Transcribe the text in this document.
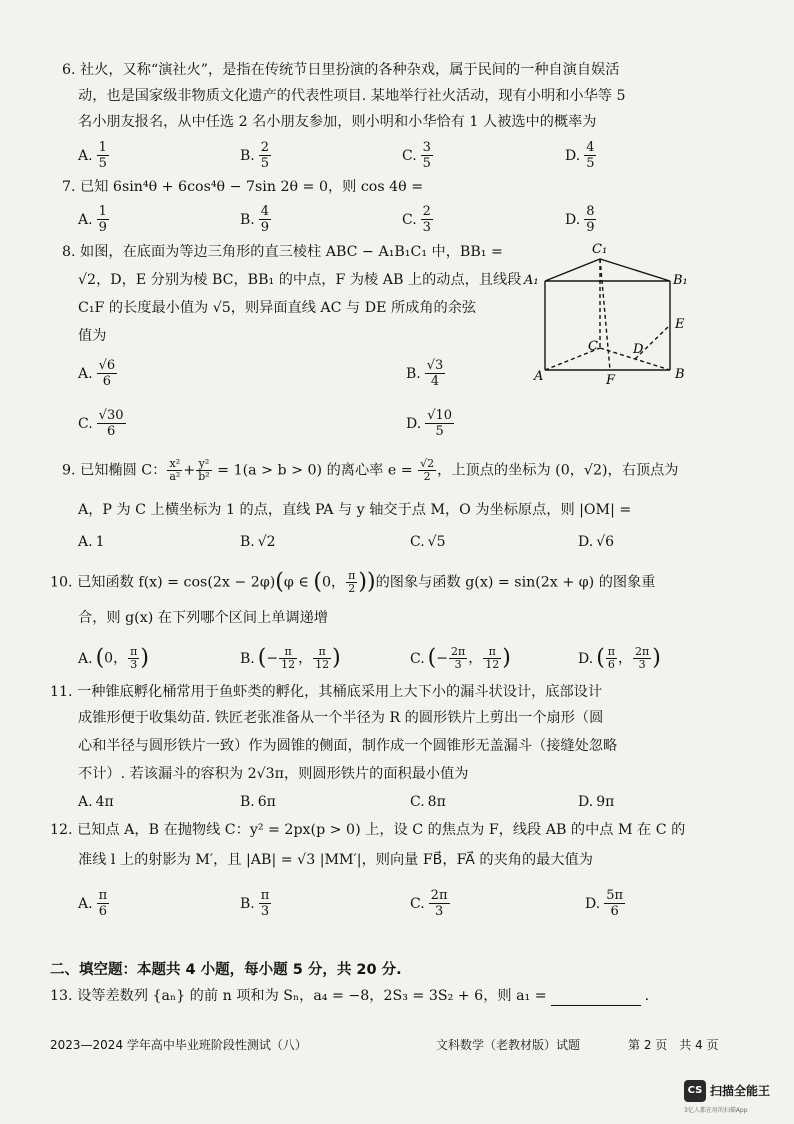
6. 社火，又称“演社火”，是指在传统节日里扮演的各种杂戏，属于民间的一种自演自娱活
动，也是国家级非物质文化遗产的代表性项目. 某地举行社火活动，现有小明和小华等 5
名小朋友报名，从中任选 2 名小朋友参加，则小明和小华恰有 1 人被选中的概率为
A. $\frac{1}{5}$	B. $\frac{2}{5}$	C. $\frac{3}{5}$	D. $\frac{4}{5}$
7. 已知 6sin⁴θ + 6cos⁴θ − 7sin 2θ = 0，则 cos 4θ =
A. $\frac{1}{9}$	B. $\frac{4}{9}$	C. $\frac{2}{3}$	D. $\frac{8}{9}$
8. 如图，在底面为等边三角形的直三棱柱 ABC − A₁B₁C₁ 中，BB₁ =
√2，D，E 分别为棱 BC，BB₁ 的中点，F 为棱 AB 上的动点，且线段
C₁F 的长度最小值为 √5，则异面直线 AC 与 DE 所成角的余弦
值为
A. $\frac{√6}{6}$	B. $\frac{√3}{4}$
C. $\frac{√30}{6}$	D. $\frac{√10}{5}$
C₁
A₁	B₁
E
C	D
A	F	B
9. 已知椭圆 C： $\frac{\text{x²}}{\text{a²}} + \frac{\text{y²}}{\text{b²}} = 1(a > b > 0)$ 的离心率 $e = \frac{√2}{2}$ ，上顶点的坐标为 (0，√2)，右顶点为
A，P 为 C 上横坐标为 1 的点，直线 PA 与 y 轴交于点 M，O 为坐标原点，则 |OM| =
A. 1	B. √2	C. √5	D. √6
10. 已知函数 f(x) = cos(2x − 2φ)(φ ∈ (0， $\frac{\pi}{2}$ ))的图象与函数 g(x) = sin(2x + φ) 的图象重
合，则 g(x) 在下列哪个区间上单调递增
A. (0， $\frac{\pi}{3}$ )	B. (− $\frac{\pi}{12}$ ， $\frac{\pi}{12}$ )	C. (− $\frac{2\pi}{3}$ ， $\frac{\pi}{12}$ )	D. ( $\frac{\pi}{6}$ ， $\frac{2\pi}{3}$ )
11. 一种锥底孵化桶常用于鱼虾类的孵化，其桶底采用上大下小的漏斗状设计，底部设计
成锥形便于收集幼苗. 铁匠老张准备从一个半径为 R 的圆形铁片上剪出一个扇形（圆
心和半径与圆形铁片一致）作为圆锥的侧面，制作成一个圆锥形无盖漏斗（接缝处忽略
不计）. 若该漏斗的容积为 2√3π，则圆形铁片的面积最小值为
A. 4π	B. 6π	C. 8π	D. 9π
12. 已知点 A，B 在抛物线 C：y² = 2px(p > 0) 上，设 C 的焦点为 F，线段 AB 的中点 M 在 C 的
准线 l 上的射影为 M′，且 |AB| = √3 |MM′|，则向量 FB⃗，FA⃗ 的夹角的最大值为
A. $\frac{\pi}{6}$	B. $\frac{\pi}{3}$	C. $\frac{2\pi}{3}$	D. $\frac{5\pi}{6}$
二、填空题：本题共 4 小题，每小题 5 分，共 20 分.
13. 设等差数列 {aₙ} 的前 n 项和为 Sₙ，a₄ = −8，2S₃ = 3S₂ + 6，则 a₁ =	.
2023—2024 学年高中毕业班阶段性测试（八）	文科数学（老教材版）试题	第 2 页　共 4 页
CS 扫描全能王
3亿人都在用的扫描App
